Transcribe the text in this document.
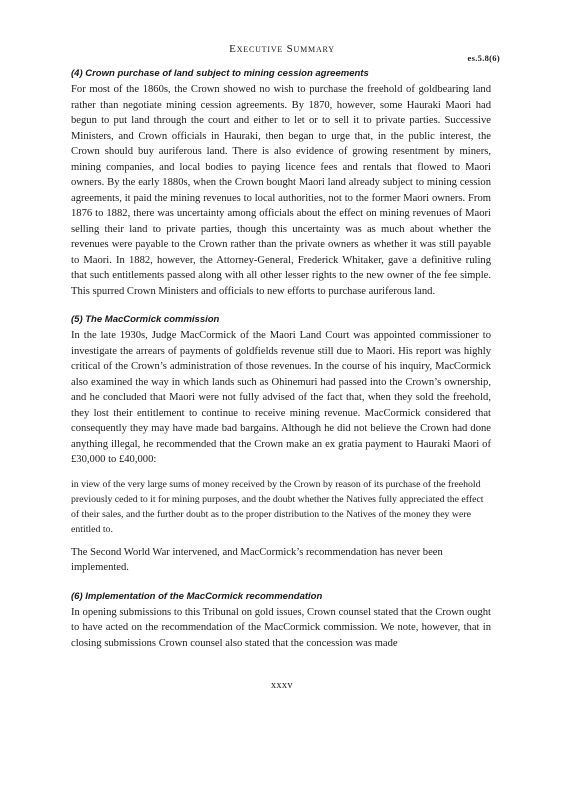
Executive Summary
es.5.8(6)
(4) Crown purchase of land subject to mining cession agreements

For most of the 1860s, the Crown showed no wish to purchase the freehold of goldbearing land rather than negotiate mining cession agreements. By 1870, however, some Hauraki Maori had begun to put land through the court and either to let or to sell it to private parties. Successive Ministers, and Crown officials in Hauraki, then began to urge that, in the public interest, the Crown should buy auriferous land. There is also evidence of growing resentment by miners, mining companies, and local bodies to paying licence fees and rentals that flowed to Maori owners. By the early 1880s, when the Crown bought Maori land already subject to mining cession agreements, it paid the mining revenues to local authorities, not to the former Maori owners. From 1876 to 1882, there was uncertainty among officials about the effect on mining revenues of Maori selling their land to private parties, though this uncertainty was as much about whether the revenues were payable to the Crown rather than the private owners as whether it was still payable to Maori. In 1882, however, the Attorney-General, Frederick Whitaker, gave a definitive ruling that such entitlements passed along with all other lesser rights to the new owner of the fee simple. This spurred Crown Ministers and officials to new efforts to purchase auriferous land.

(5) The MacCormick commission

In the late 1930s, Judge MacCormick of the Maori Land Court was appointed commissioner to investigate the arrears of payments of goldfields revenue still due to Maori. His report was highly critical of the Crown’s administration of those revenues. In the course of his inquiry, MacCormick also examined the way in which lands such as Ohinemuri had passed into the Crown’s ownership, and he concluded that Maori were not fully advised of the fact that, when they sold the freehold, they lost their entitlement to continue to receive mining revenue. MacCormick considered that consequently they may have made bad bargains. Although he did not believe the Crown had done anything illegal, he recommended that the Crown make an ex gratia payment to Hauraki Maori of £30,000 to £40,000:

in view of the very large sums of money received by the Crown by reason of its purchase of the freehold previously ceded to it for mining purposes, and the doubt whether the Natives fully appreciated the effect of their sales, and the further doubt as to the proper distribution to the Natives of the money they were entitled to.

The Second World War intervened, and MacCormick’s recommendation has never been implemented.

(6) Implementation of the MacCormick recommendation

In opening submissions to this Tribunal on gold issues, Crown counsel stated that the Crown ought to have acted on the recommendation of the MacCormick commission. We note, however, that in closing submissions Crown counsel also stated that the concession was made

xxxv
